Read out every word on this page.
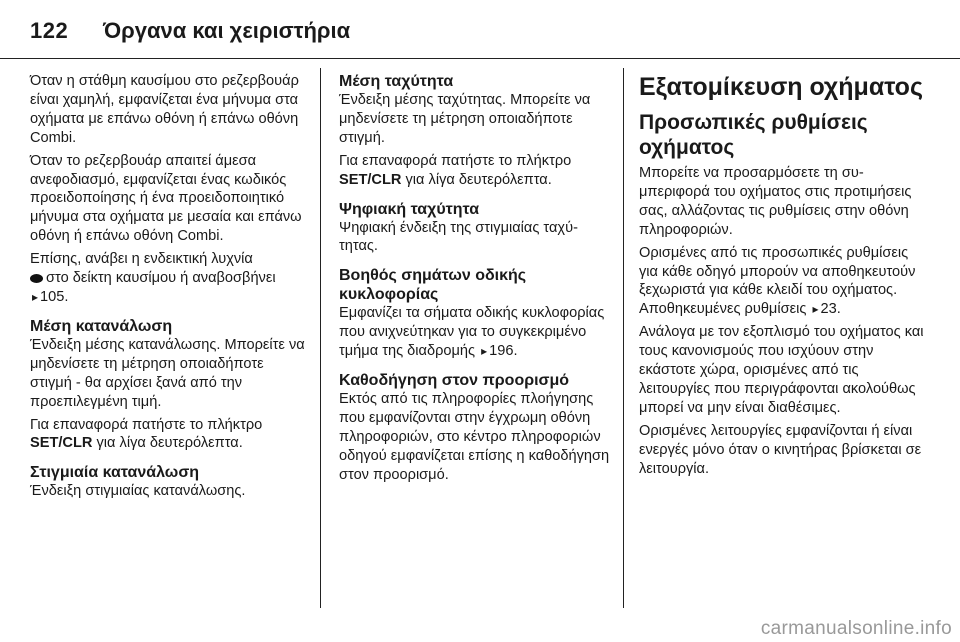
122 Όργανα και χειριστήρια

Όταν η στάθμη καυσίμου στο ρεζερβουάρ είναι χαμηλή, εμφανίζεται ένα μήνυμα στα οχήματα με επάνω οθόνη ή επάνω οθόνη Combi.

Όταν το ρεζερβουάρ απαιτεί άμεσα ανεφοδιασμό, εμφανίζεται ένας κωδικός προειδοποίησης ή ένα προειδοποιητικό μήνυμα στα οχήματα με μεσαία και επάνω οθόνη ή επάνω οθόνη Combi.

Επίσης, ανάβει η ενδεικτική λυχνία
στο δείκτη καυσίμου ή αναβοσβήνει ▸ 105.

Μέση κατανάλωση

Ένδειξη μέσης κατανάλωσης. Μπορείτε να μηδενίσετε τη μέτρηση οποιαδήποτε στιγμή - θα αρχίσει ξανά από την προεπιλεγμένη τιμή.

Για επαναφορά πατήστε το πλήκτρο SET/CLR για λίγα δευτερόλεπτα.

Στιγμιαία κατανάλωση

Ένδειξη στιγμιαίας κατανάλωσης.

Μέση ταχύτητα

Ένδειξη μέσης ταχύτητας. Μπορείτε να μηδενίσετε τη μέτρηση οποιαδήποτε στιγμή.

Για επαναφορά πατήστε το πλήκτρο SET/CLR για λίγα δευτερόλεπτα.

Ψηφιακή ταχύτητα

Ψηφιακή ένδειξη της στιγμιαίας ταχύτητας.

Βοηθός σημάτων οδικής κυκλοφορίας

Εμφανίζει τα σήματα οδικής κυκλοφορίας που ανιχνεύτηκαν για το συγκεκριμένο τμήμα της διαδρομής ▸ 196.

Καθοδήγηση στον προορισμό

Εκτός από τις πληροφορίες πλοήγησης που εμφανίζονται στην έγχρωμη οθόνη πληροφοριών, στο κέντρο πληροφοριών οδηγού εμφανίζεται επίσης η καθοδήγηση στον προορισμό.

Εξατομίκευση οχήματος
Προσωπικές ρυθμίσεις οχήματος

Μπορείτε να προσαρμόσετε τη συμπεριφορά του οχήματος στις προτιμήσεις σας, αλλάζοντας τις ρυθμίσεις στην οθόνη πληροφοριών.

Ορισμένες από τις προσωπικές ρυθμίσεις για κάθε οδηγό μπορούν να αποθηκευτούν ξεχωριστά για κάθε κλειδί του οχήματος. Αποθηκευμένες ρυθμίσεις ▸ 23.

Ανάλογα με τον εξοπλισμό του οχήματος και τους κανονισμούς που ισχύουν στην εκάστοτε χώρα, ορισμένες από τις λειτουργίες που περιγράφονται ακολούθως μπορεί να μην είναι διαθέσιμες.

Ορισμένες λειτουργίες εμφανίζονται ή είναι ενεργές μόνο όταν ο κινητήρας βρίσκεται σε λειτουργία.

carmanualsonline.info
